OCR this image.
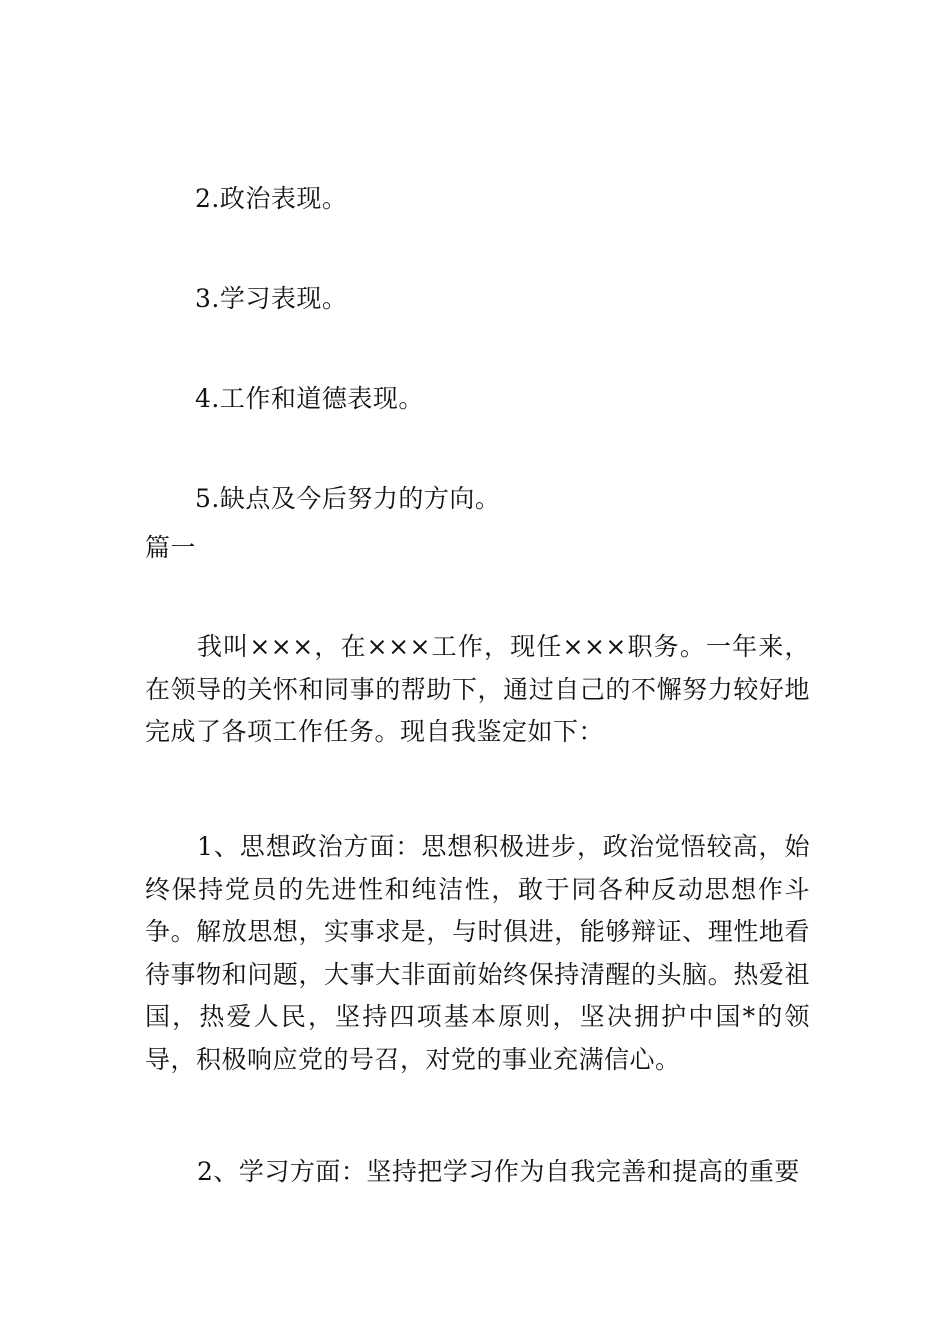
2.政治表现。
3.学习表现。
4.工作和道德表现。
5.缺点及今后努力的方向。
篇一
我叫×××，在×××工作，现任×××职务。一年来，在领导的关怀和同事的帮助下，通过自己的不懈努力较好地完成了各项工作任务。现自我鉴定如下：
1、思想政治方面：思想积极进步，政治觉悟较高，始终保持党员的先进性和纯洁性，敢于同各种反动思想作斗争。解放思想，实事求是，与时俱进，能够辩证、理性地看待事物和问题，大事大非面前始终保持清醒的头脑。热爱祖国，热爱人民，坚持四项基本原则，坚决拥护中国*的领导，积极响应党的号召，对党的事业充满信心。
2、学习方面：坚持把学习作为自我完善和提高的重要
